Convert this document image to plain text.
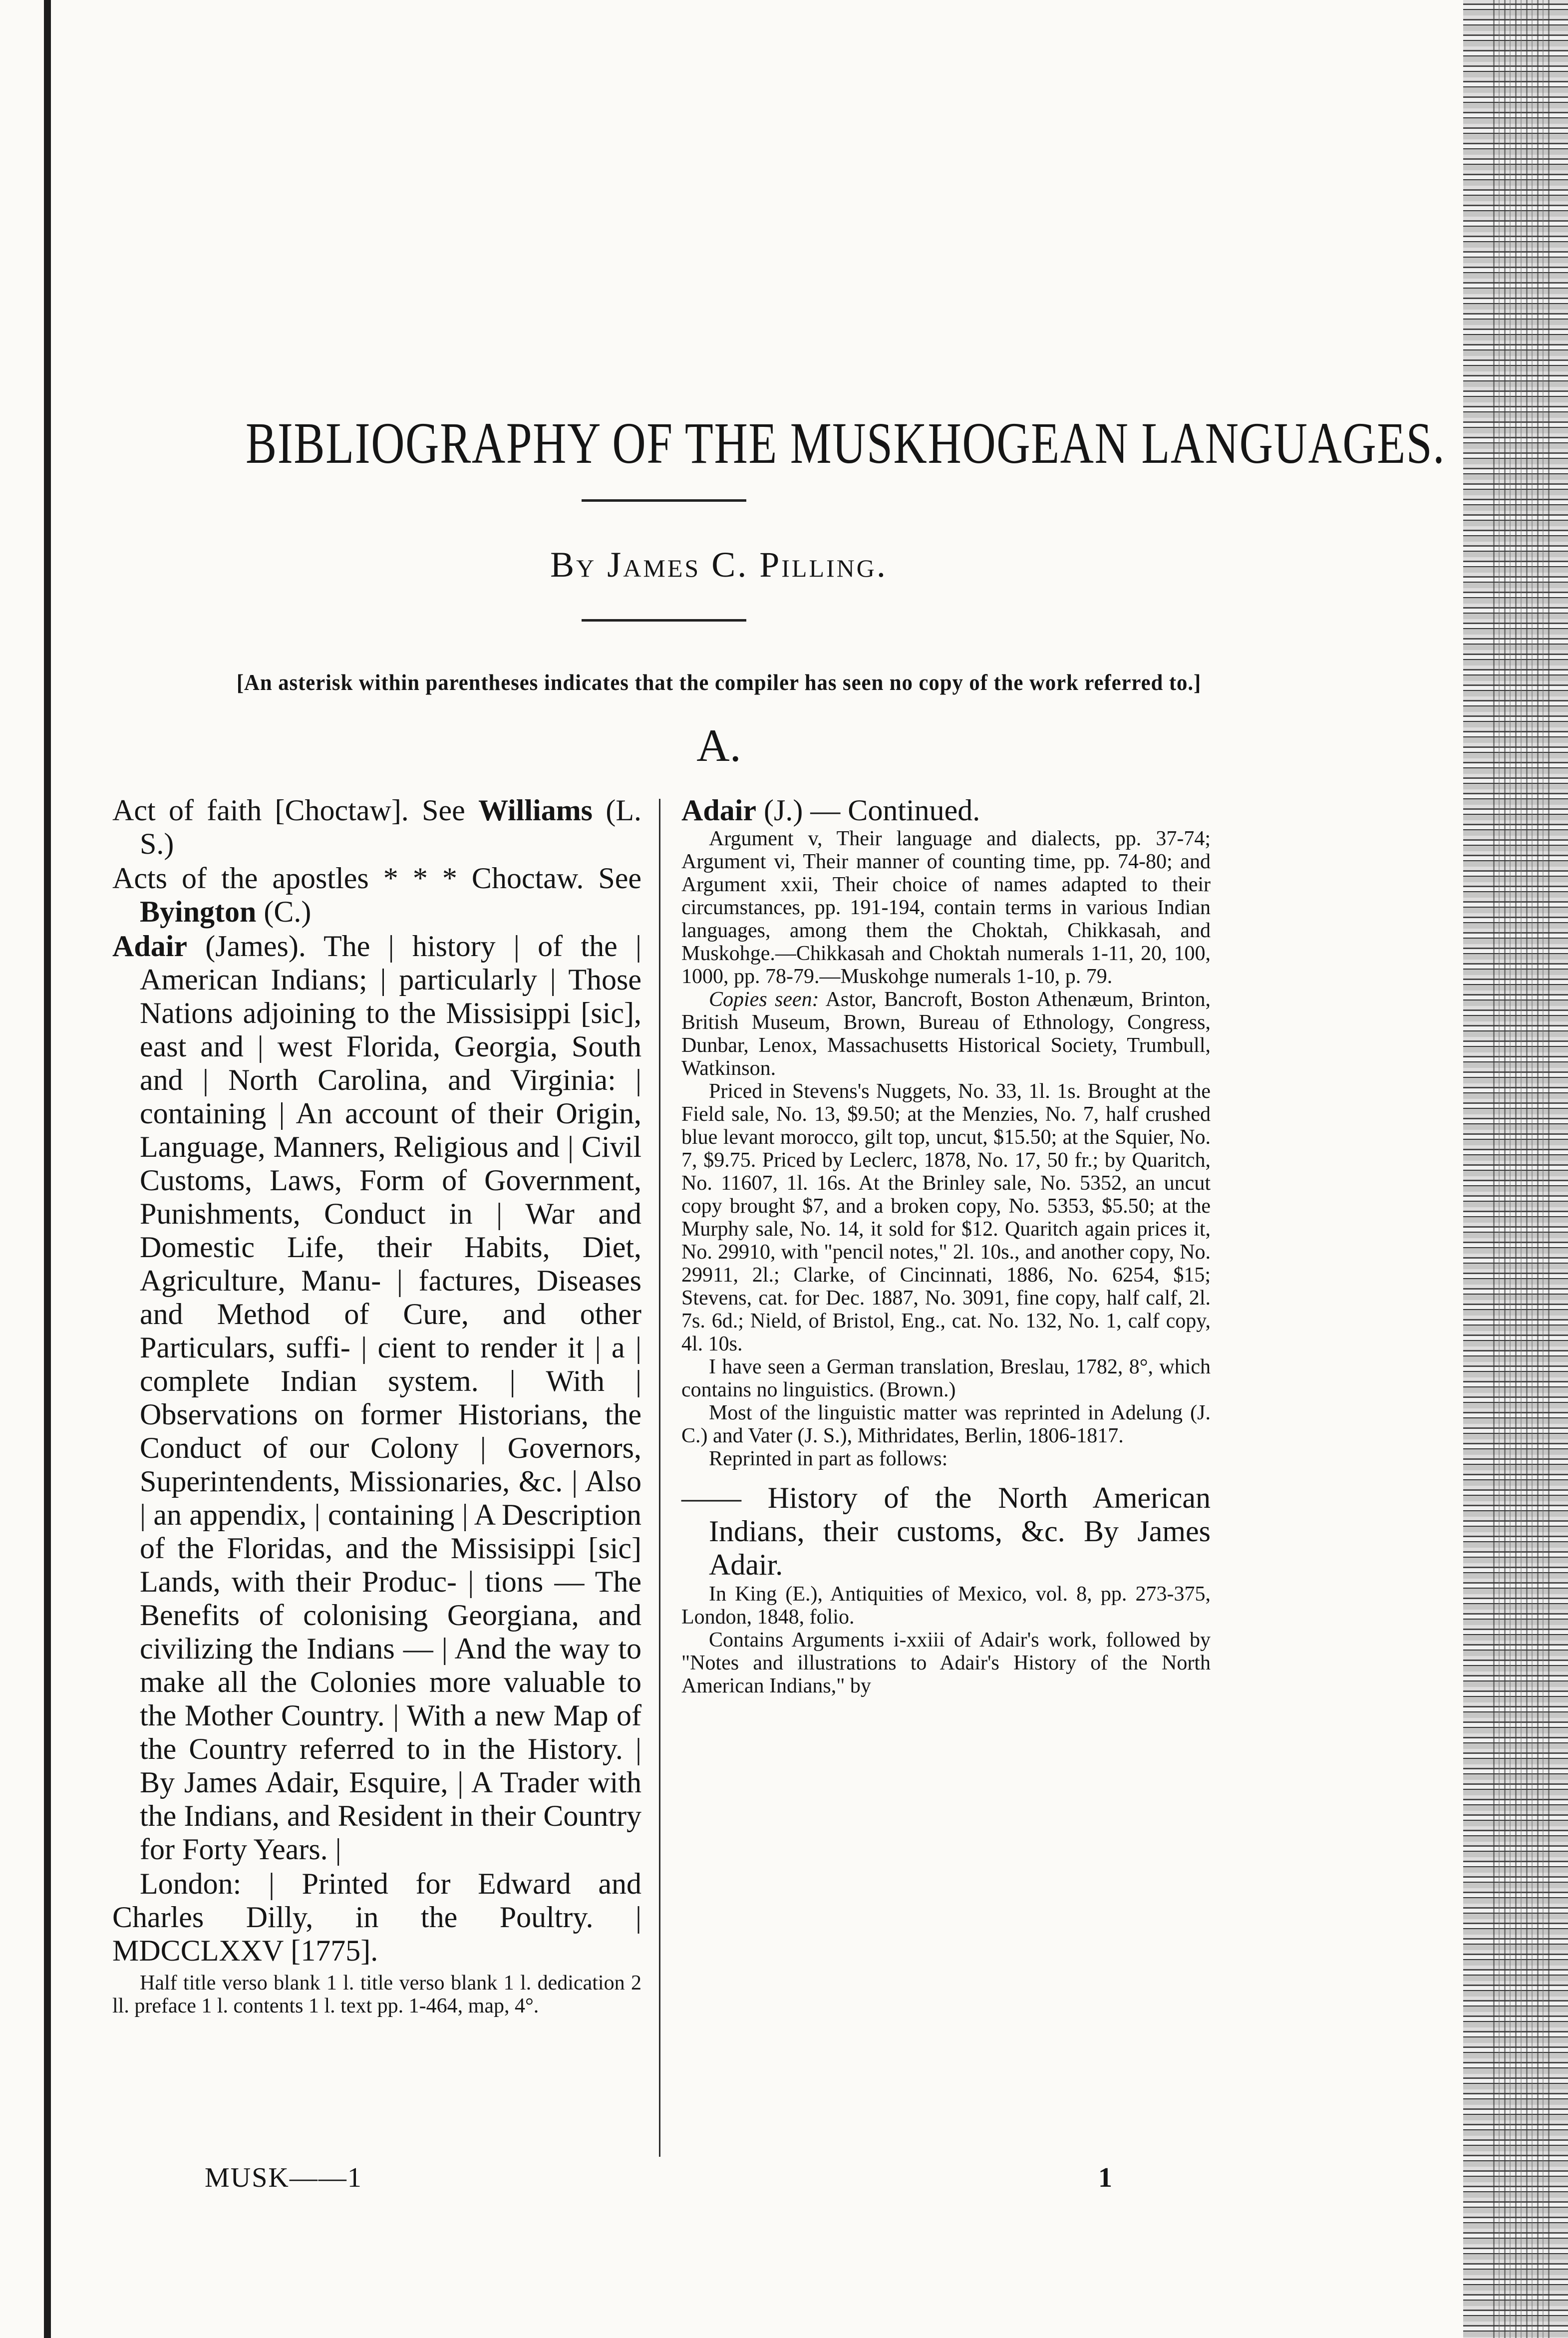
BIBLIOGRAPHY OF THE MUSKHOGEAN LANGUAGES.
By James C. Pilling.
[An asterisk within parentheses indicates that the compiler has seen no copy of the work referred to.]
A.

Act of faith [Choctaw]. See Williams (L. S.)

Acts of the apostles * * * Choctaw. See Byington (C.)

Adair (James). The | history | of the | American Indians; | particularly | Those Nations adjoining to the Missisippi [sic], east and | west Florida, Georgia, South and | North Carolina, and Virginia: | containing | An account of their Origin, Language, Manners, Religious and | Civil Customs, Laws, Form of Government, Punishments, Conduct in | War and Domestic Life, their Habits, Diet, Agriculture, Manu- | factures, Diseases and Method of Cure, and other Particulars, suffi- | cient to render it | a | complete Indian system. | With | Observations on former Historians, the Conduct of our Colony | Governors, Superintendents, Missionaries, &c. | Also | an appendix, | containing | A Description of the Floridas, and the Missisippi [sic] Lands, with their Produc- | tions — The Benefits of colonising Georgiana, and civilizing the Indians — | And the way to make all the Colonies more valuable to the Mother Country. | With a new Map of the Country referred to in the History. | By James Adair, Esquire, | A Trader with the Indians, and Resident in their Country for Forty Years. |

London: | Printed for Edward and Charles Dilly, in the Poultry. | MDCCLXXV [1775].

Half title verso blank 1 l. title verso blank 1 l. dedication 2 ll. preface 1 l. contents 1 l. text pp. 1-464, map, 4°.

Adair (J.) — Continued.

Argument v, Their language and dialects, pp. 37-74; Argument vi, Their manner of counting time, pp. 74-80; and Argument xxii, Their choice of names adapted to their circumstances, pp. 191-194, contain terms in various Indian languages, among them the Choktah, Chikkasah, and Muskohge.—Chikkasah and Choktah numerals 1-11, 20, 100, 1000, pp. 78-79.—Muskohge numerals 1-10, p. 79.

Copies seen: Astor, Bancroft, Boston Athenæum, Brinton, British Museum, Brown, Bureau of Ethnology, Congress, Dunbar, Lenox, Massachusetts Historical Society, Trumbull, Watkinson.

Priced in Stevens's Nuggets, No. 33, 1l. 1s. Brought at the Field sale, No. 13, $9.50; at the Menzies, No. 7, half crushed blue levant morocco, gilt top, uncut, $15.50; at the Squier, No. 7, $9.75. Priced by Leclerc, 1878, No. 17, 50 fr.; by Quaritch, No. 11607, 1l. 16s. At the Brinley sale, No. 5352, an uncut copy brought $7, and a broken copy, No. 5353, $5.50; at the Murphy sale, No. 14, it sold for $12. Quaritch again prices it, No. 29910, with "pencil notes," 2l. 10s., and another copy, No. 29911, 2l.; Clarke, of Cincinnati, 1886, No. 6254, $15; Stevens, cat. for Dec. 1887, No. 3091, fine copy, half calf, 2l. 7s. 6d.; Nield, of Bristol, Eng., cat. No. 132, No. 1, calf copy, 4l. 10s.

I have seen a German translation, Breslau, 1782, 8°, which contains no linguistics. (Brown.)

Most of the linguistic matter was reprinted in Adelung (J. C.) and Vater (J. S.), Mithridates, Berlin, 1806-1817.

Reprinted in part as follows:

—— History of the North American Indians, their customs, &c. By James Adair.

In King (E.), Antiquities of Mexico, vol. 8, pp. 273-375, London, 1848, folio.

Contains Arguments i-xxiii of Adair's work, followed by "Notes and illustrations to Adair's History of the North American Indians," by

MUSK——1	1
